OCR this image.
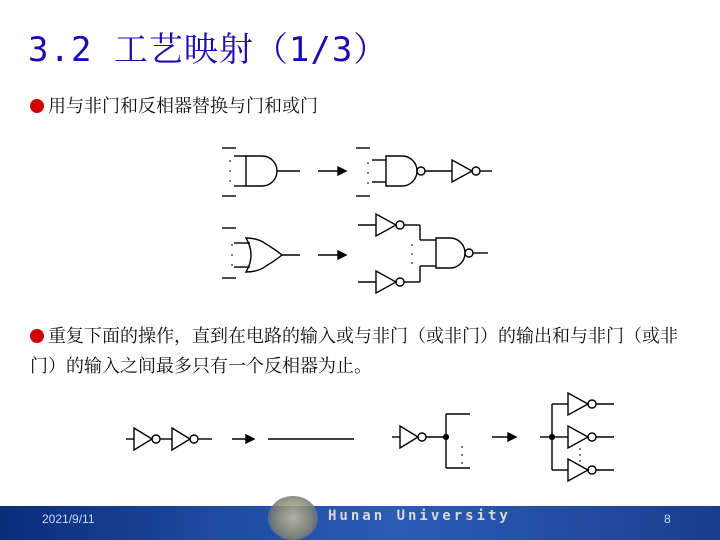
3.2 工艺映射（1/3）
用与非门和反相器替换与门和或门
重复下面的操作，直到在电路的输入或与非门（或非门）的输出和与非门（或非门）的输入之间最多只有一个反相器为止。
2021/9/11	Hunan University	8
